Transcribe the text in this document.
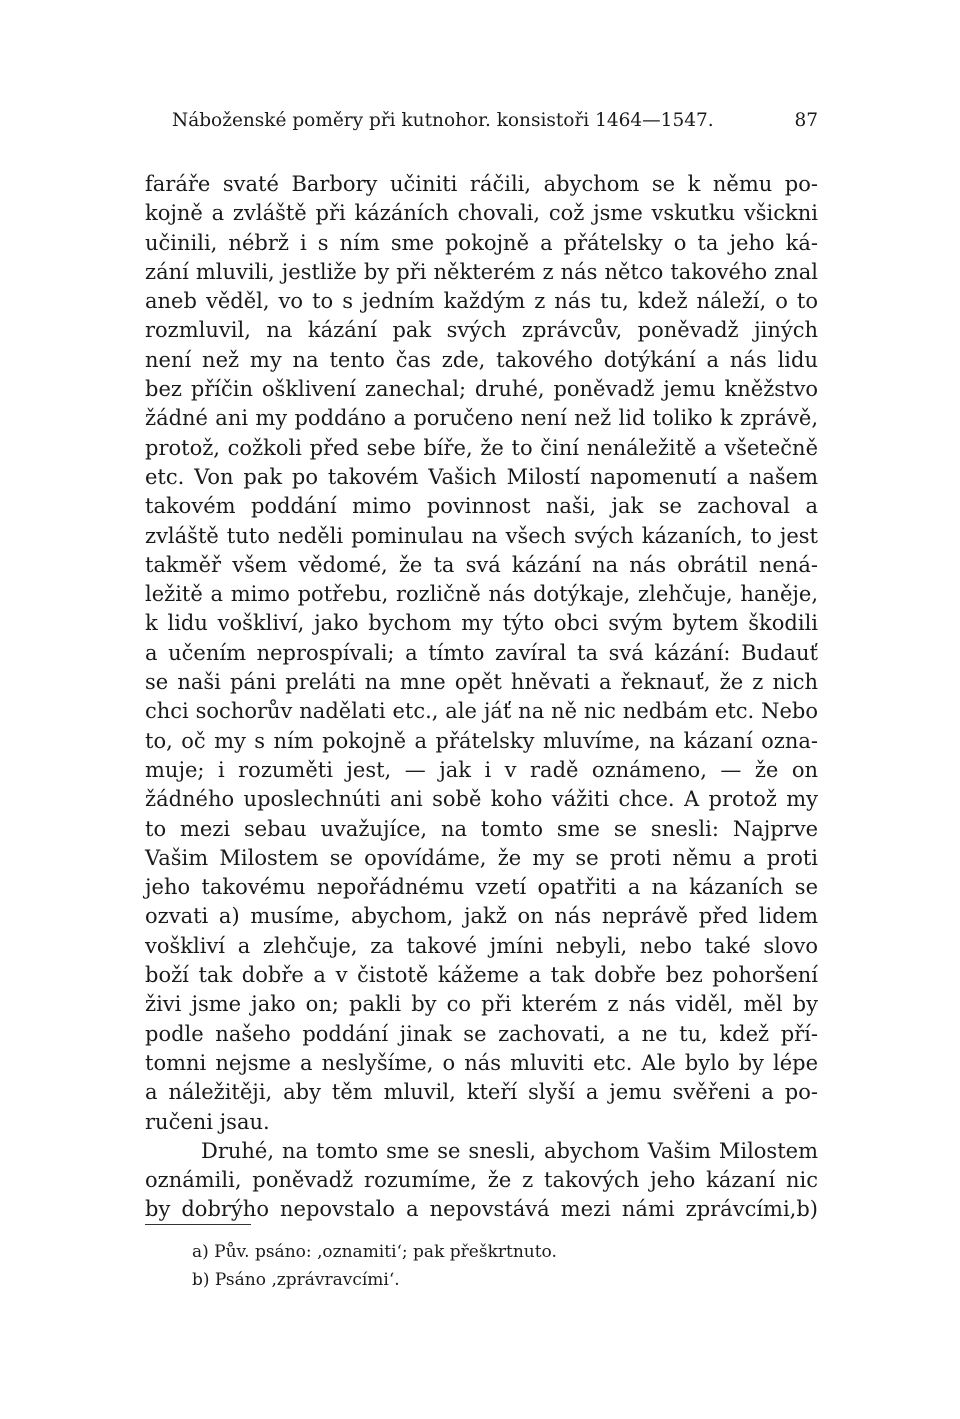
Náboženské poměry při kutnohor. konsistoři 1464—1547.	87
faráře svaté Barbory učiniti ráčili, abychom se k němu po-
kojně a zvláště při kázáních chovali, což jsme vskutku všickni
učinili, nébrž i s ním sme pokojně a přátelsky o ta jeho ká-
zání mluvili, jestliže by při některém z nás nětco takového znal
aneb věděl, vo to s jedním každým z nás tu, kdež náleží, o to
rozmluvil, na kázání pak svých zprávcův, poněvadž jiných
není než my na tento čas zde, takového dotýkání a nás lidu
bez příčin ošklivení zanechal; druhé, poněvadž jemu kněžstvo
žádné ani my poddáno a poručeno není než lid toliko k zprávě,
protož, cožkoli před sebe bíře, že to činí nenáležitě a všetečně
etc. Von pak po takovém Vašich Milostí napomenutí a našem
takovém poddání mimo povinnost naši, jak se zachoval a
zvláště tuto neděli pominulau na všech svých kázaních, to jest
takměř všem vědomé, že ta svá kázání na nás obrátil nená-
ležitě a mimo potřebu, rozličně nás dotýkaje, zlehčuje, haněje,
k lidu voškliví, jako bychom my týto obci svým bytem škodili
a učením neprospívali; a tímto zavíral ta svá kázání: Budauť
se naši páni preláti na mne opět hněvati a řeknauť, že z nich
chci sochorův nadělati etc., ale jáť na ně nic nedbám etc. Nebo
to, oč my s ním pokojně a přátelsky mluvíme, na kázaní ozna-
muje; i rozuměti jest, — jak i v radě oznámeno, — že on
žádného uposlechnúti ani sobě koho vážiti chce. A protož my
to mezi sebau uvažujíce, na tomto sme se snesli: Najprve
Vašim Milostem se opovídáme, že my se proti němu a proti
jeho takovému nepořádnému vzetí opatřiti a na kázaních se
ozvati a) musíme, abychom, jakž on nás neprávě před lidem
voškliví a zlehčuje, za takové jmíni nebyli, nebo také slovo
boží tak dobře a v čistotě kážeme a tak dobře bez pohoršení
živi jsme jako on; pakli by co při kterém z nás viděl, měl by
podle našeho poddání jinak se zachovati, a ne tu, kdež pří-
tomni nejsme a neslyšíme, o nás mluviti etc. Ale bylo by lépe
a náležitěji, aby těm mluvil, kteří slyší a jemu svěřeni a po-
ručeni jsau.
Druhé, na tomto sme se snesli, abychom Vašim Milostem
oznámili, poněvadž rozumíme, že z takových jeho kázaní nic
by dobrýho nepovstalo a nepovstává mezi námi zprávcími,b)
a) Pův. psáno: ‚oznamiti‘; pak přeškrtnuto.
b) Psáno ‚zprávravcími‘.
